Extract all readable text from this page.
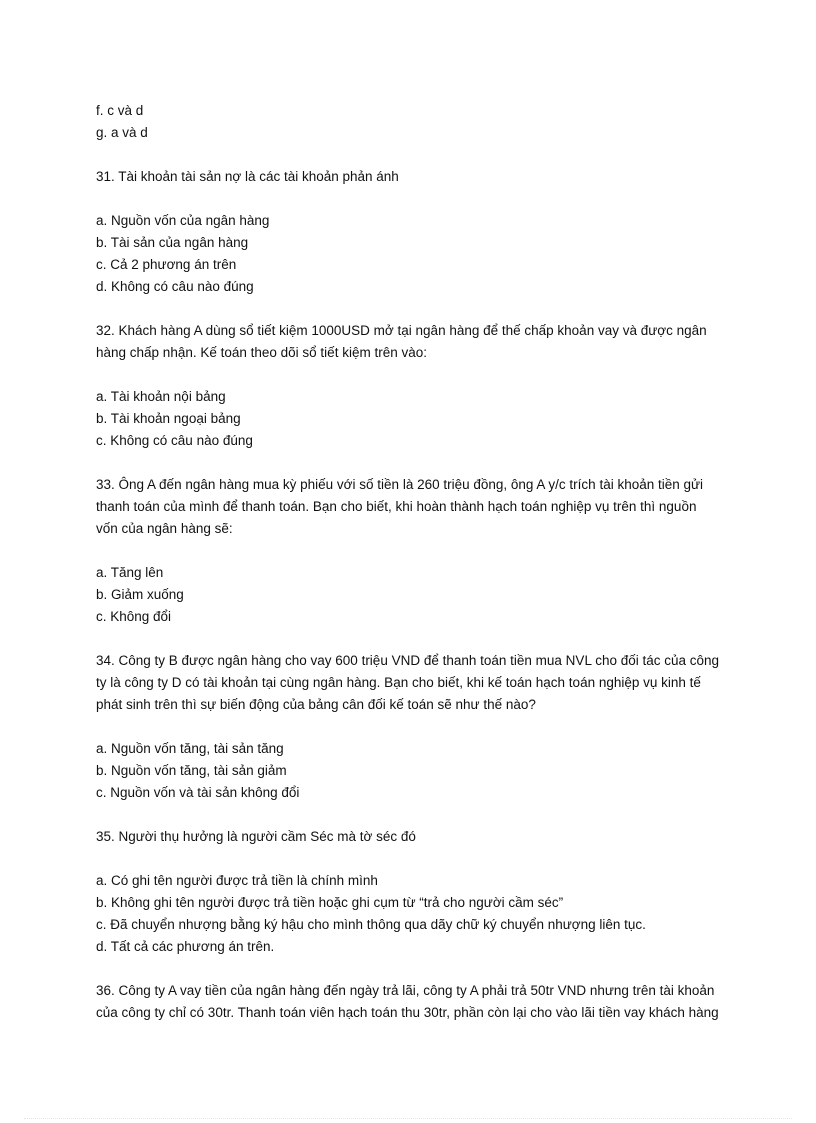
f. c và d
g. a và d
31. Tài khoản tài sản nợ là các tài khoản phản ánh
a. Nguồn vốn của ngân hàng
b. Tài sản của ngân hàng
c. Cả 2 phương án trên
d. Không có câu nào đúng
32. Khách hàng A dùng sổ tiết kiệm 1000USD mở tại ngân hàng để thế chấp khoản vay và được ngân
hàng chấp nhận. Kế toán theo dõi sổ tiết kiệm trên vào:
a. Tài khoản nội bảng
b. Tài khoản ngoại bảng
c. Không có câu nào đúng
33. Ông A đến ngân hàng mua kỳ phiếu với số tiền là 260 triệu đồng, ông A y/c trích tài khoản tiền gửi
thanh toán của mình để thanh toán. Bạn cho biết, khi hoàn thành hạch toán nghiệp vụ trên thì nguồn
vốn của ngân hàng sẽ:
a. Tăng lên
b. Giảm xuống
c. Không đổi
34. Công ty B được ngân hàng cho vay 600 triệu VND để thanh toán tiền mua NVL cho đối tác của công
ty là công ty D có tài khoản tại cùng ngân hàng. Bạn cho biết, khi kế toán hạch toán nghiệp vụ kinh tế
phát sinh trên thì sự biến động của bảng cân đối kế toán sẽ như thế nào?
a. Nguồn vốn tăng, tài sản tăng
b. Nguồn vốn tăng, tài sản giảm
c. Nguồn vốn và tài sản không đổi
35. Người thụ hưởng là người cầm Séc mà tờ séc đó
a. Có ghi tên người được trả tiền là chính mình
b. Không ghi tên người được trả tiền hoặc ghi cụm từ “trả cho người cầm séc”
c. Đã chuyển nhượng bằng ký hậu cho mình thông qua dãy chữ ký chuyển nhượng liên tục.
d. Tất cả các phương án trên.
36. Công ty A vay tiền của ngân hàng đến ngày trả lãi, công ty A phải trả 50tr VND nhưng trên tài khoản
của công ty chỉ có 30tr. Thanh toán viên hạch toán thu 30tr, phần còn lại cho vào lãi tiền vay khách hàng
